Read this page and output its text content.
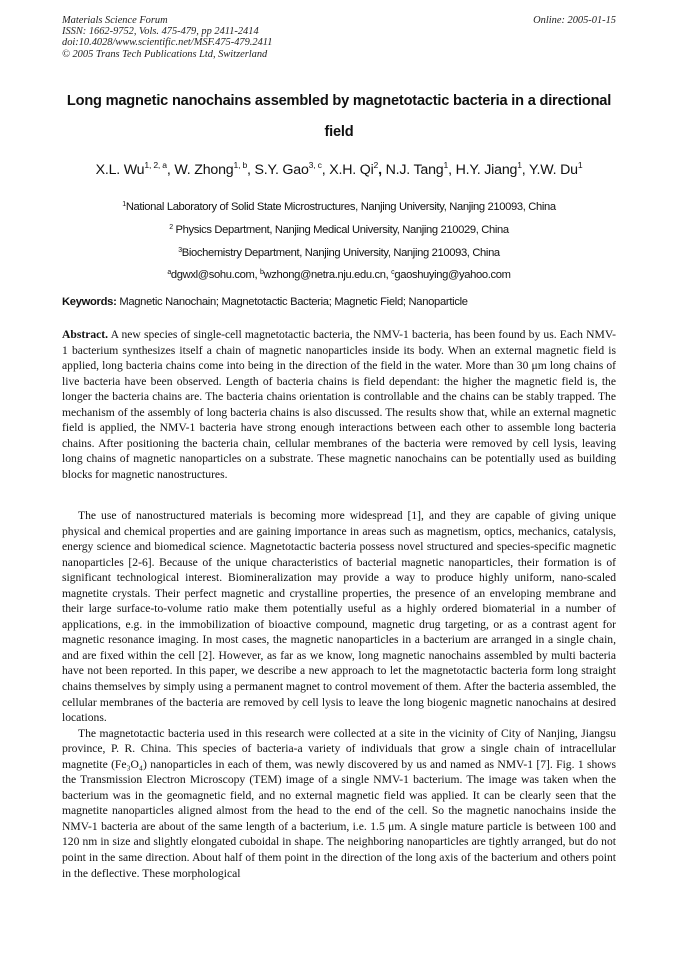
Materials Science Forum
ISSN: 1662-9752, Vols. 475-479, pp 2411-2414
doi:10.4028/www.scientific.net/MSF.475-479.2411
© 2005 Trans Tech Publications Ltd, Switzerland
Online: 2005-01-15
Long magnetic nanochains assembled by magnetotactic bacteria in a directional field
X.L. Wu$^{1, 2, a}$, W. Zhong$^{1, b}$, S.Y. Gao$^{3, c}$, X.H. Qi$^2$, N.J. Tang$^1$, H.Y. Jiang$^1$, Y.W. Du$^1$
$^1$National Laboratory of Solid State Microstructures, Nanjing University, Nanjing 210093, China
$^2$ Physics Department, Nanjing Medical University, Nanjing 210029, China
$^3$Biochemistry Department, Nanjing University, Nanjing 210093, China
$^a$dgwxl@sohu.com, $^b$wzhong@netra.nju.edu.cn, $^c$gaoshuying@yahoo.com
Keywords: Magnetic Nanochain; Magnetotactic Bacteria; Magnetic Field; Nanoparticle

Abstract. A new species of single-cell magnetotactic bacteria, the NMV-1 bacteria, has been found by us. Each NMV-1 bacterium synthesizes itself a chain of magnetic nanoparticles inside its body. When an external magnetic field is applied, long bacteria chains come into being in the direction of the field in the water. More than 30 μm long chains of live bacteria have been observed. Length of bacteria chains is field dependant: the higher the magnetic field is, the longer the bacteria chains are. The bacteria chains orientation is controllable and the chains can be stably trapped. The mechanism of the assembly of long bacteria chains is also discussed. The results show that, while an external magnetic field is applied, the NMV-1 bacteria have strong enough interactions between each other to assemble long bacteria chains. After positioning the bacteria chain, cellular membranes of the bacteria were removed by cell lysis, leaving long chains of magnetic nanoparticles on a substrate. These magnetic nanochains can be potentially used as building blocks for magnetic nanostructures.

The use of nanostructured materials is becoming more widespread [1], and they are capable of giving unique physical and chemical properties and are gaining importance in areas such as magnetism, optics, mechanics, catalysis, energy science and biomedical science. Magnetotactic bacteria possess novel structured and species-specific magnetic nanoparticles [2-6]. Because of the unique characteristics of bacterial magnetic nanoparticles, their formation is of significant technological interest. Biomineralization may provide a way to produce highly uniform, nano-scaled magnetite crystals. Their perfect magnetic and crystalline properties, the presence of an enveloping membrane and their large surface-to-volume ratio make them potentially useful as a highly ordered biomaterial in a number of applications, e.g. in the immobilization of bioactive compound, magnetic drug targeting, or as a contrast agent for magnetic resonance imaging. In most cases, the magnetic nanoparticles in a bacterium are arranged in a single chain, and are fixed within the cell [2]. However, as far as we know, long magnetic nanochains assembled by multi bacteria have not been reported. In this paper, we describe a new approach to let the magnetotactic bacteria form long straight chains themselves by simply using a permanent magnet to control movement of them. After the bacteria assembled, the cellular membranes of the bacteria are removed by cell lysis to leave the long biogenic magnetic nanochains at desired locations.

The magnetotactic bacteria used in this research were collected at a site in the vicinity of City of Nanjing, Jiangsu province, P. R. China. This species of bacteria-a variety of individuals that grow a single chain of intracellular magnetite (Fe₃O₄) nanoparticles in each of them, was newly discovered by us and named as NMV-1 [7]. Fig. 1 shows the Transmission Electron Microscopy (TEM) image of a single NMV-1 bacterium. The image was taken when the bacterium was in the geomagnetic field, and no external magnetic field was applied. It can be clearly seen that the magnetite nanoparticles aligned almost from the head to the end of the cell. So the magnetic nanochains inside the NMV-1 bacteria are about of the same length of a bacterium, i.e. 1.5 μm. A single mature particle is between 100 and 120 nm in size and slightly elongated cuboidal in shape. The neighboring nanoparticles are tightly arranged, but do not point in the same direction. About half of them point in the direction of the long axis of the bacterium and others point in the deflective. These morphological
